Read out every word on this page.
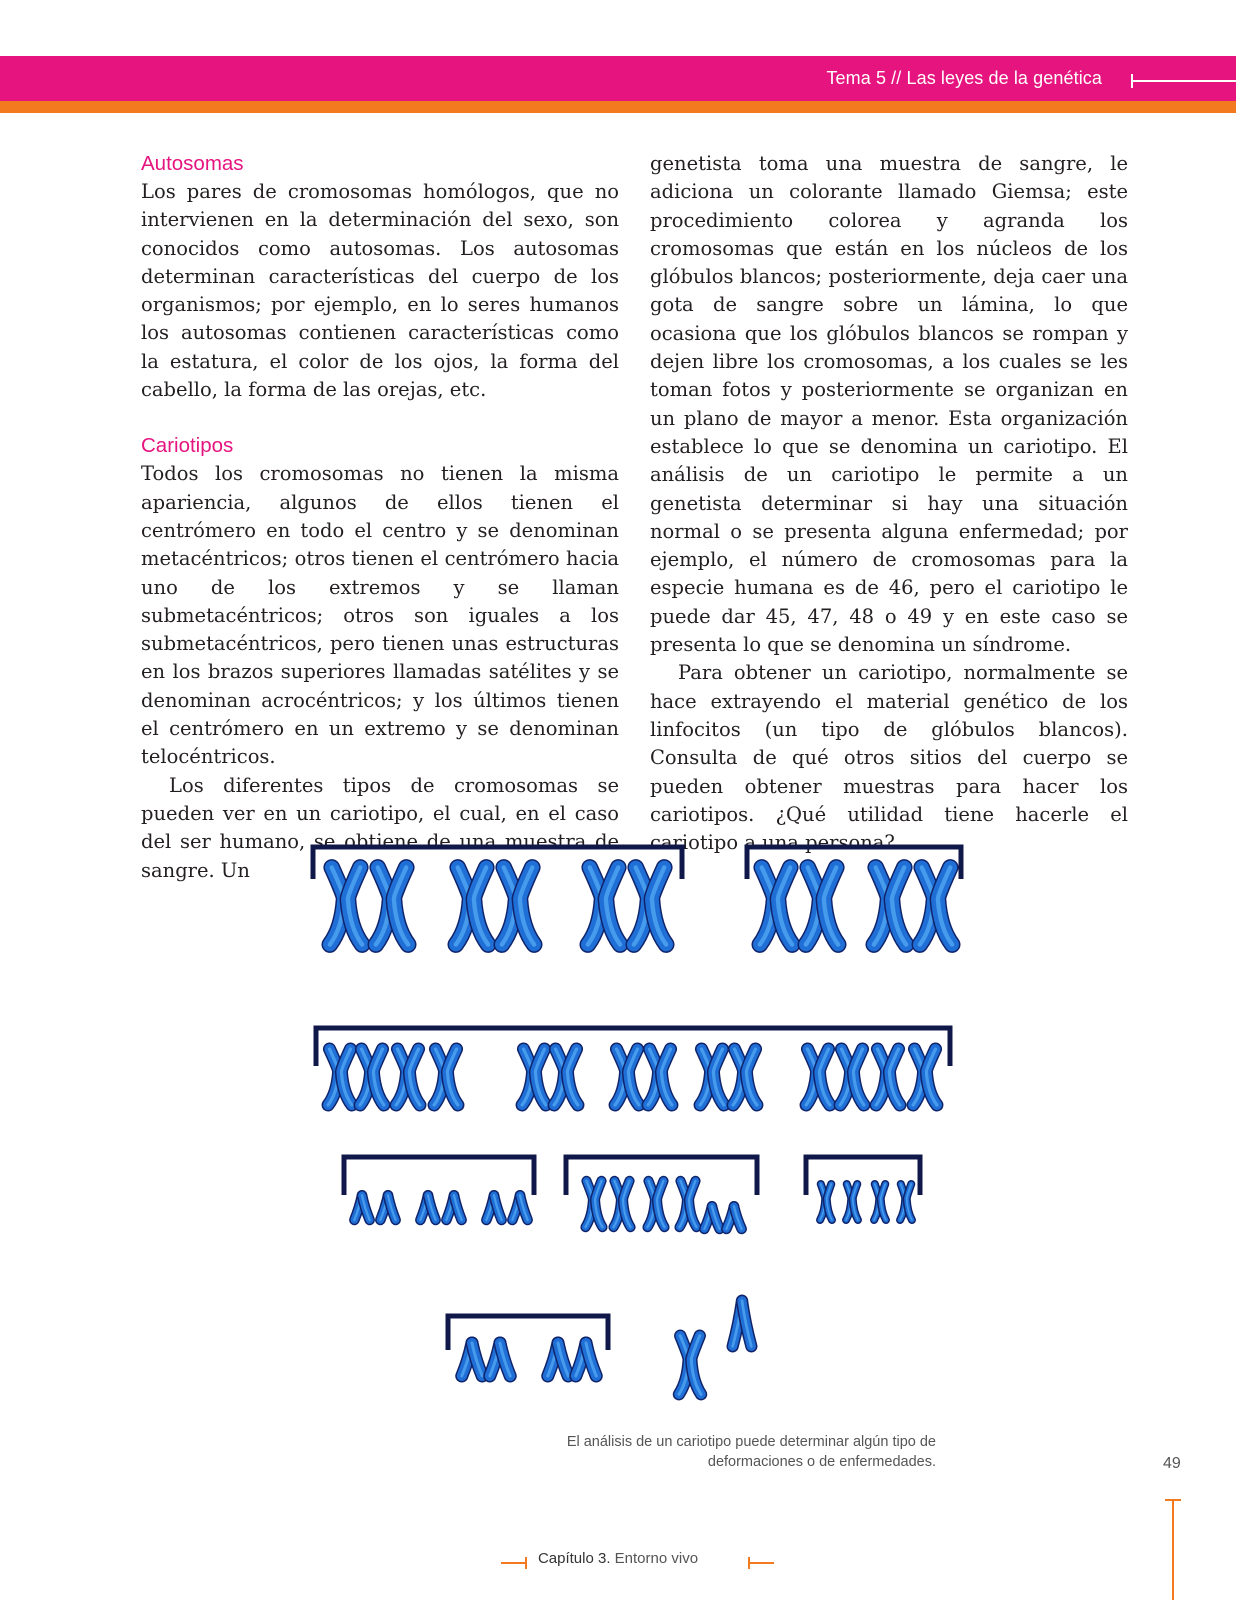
Tema 5 // Las leyes de la genética
Autosomas

Los pares de cromosomas homólogos, que no intervienen en la determinación del sexo, son conocidos como autosomas. Los autosomas determinan características del cuerpo de los organismos; por ejemplo, en lo seres humanos los autosomas contienen características como la estatura, el color de los ojos, la forma del cabello, la forma de las orejas, etc.

Cariotipos

Todos los cromosomas no tienen la misma apariencia, algunos de ellos tienen el centrómero en todo el centro y se denominan metacéntricos; otros tienen el centrómero hacia uno de los extremos y se llaman submetacéntricos; otros son iguales a los submetacéntricos, pero tienen unas estructuras en los brazos superiores llamadas satélites y se denominan acrocéntricos; y los últimos tienen el centrómero en un extremo y se denominan telocéntricos.

Los diferentes tipos de cromosomas se pueden ver en un cariotipo, el cual, en el caso del ser humano, se obtiene de una muestra de sangre. Un

genetista toma una muestra de sangre, le adiciona un colorante llamado Giemsa; este procedimiento colorea y agranda los cromosomas que están en los núcleos de los glóbulos blancos; posteriormente, deja caer una gota de sangre sobre un lámina, lo que ocasiona que los glóbulos blancos se rompan y dejen libre los cromosomas, a los cuales se les toman fotos y posteriormente se organizan en un plano de mayor a menor. Esta organización establece lo que se denomina un cariotipo. El análisis de un cariotipo le permite a un genetista determinar si hay una situación normal o se presenta alguna enfermedad; por ejemplo, el número de cromosomas para la especie humana es de 46, pero el cariotipo le puede dar 45, 47, 48 o 49 y en este caso se presenta lo que se denomina un síndrome.

Para obtener un cariotipo, normalmente se hace extrayendo el material genético de los linfocitos (un tipo de glóbulos blancos). Consulta de qué otros sitios del cuerpo se pueden obtener muestras para hacer los cariotipos. ¿Qué utilidad tiene hacerle el cariotipo a una persona?

El análisis de un cariotipo puede determinar algún tipo de
deformaciones o de enfermedades.	49
Capítulo 3. Entorno vivo
